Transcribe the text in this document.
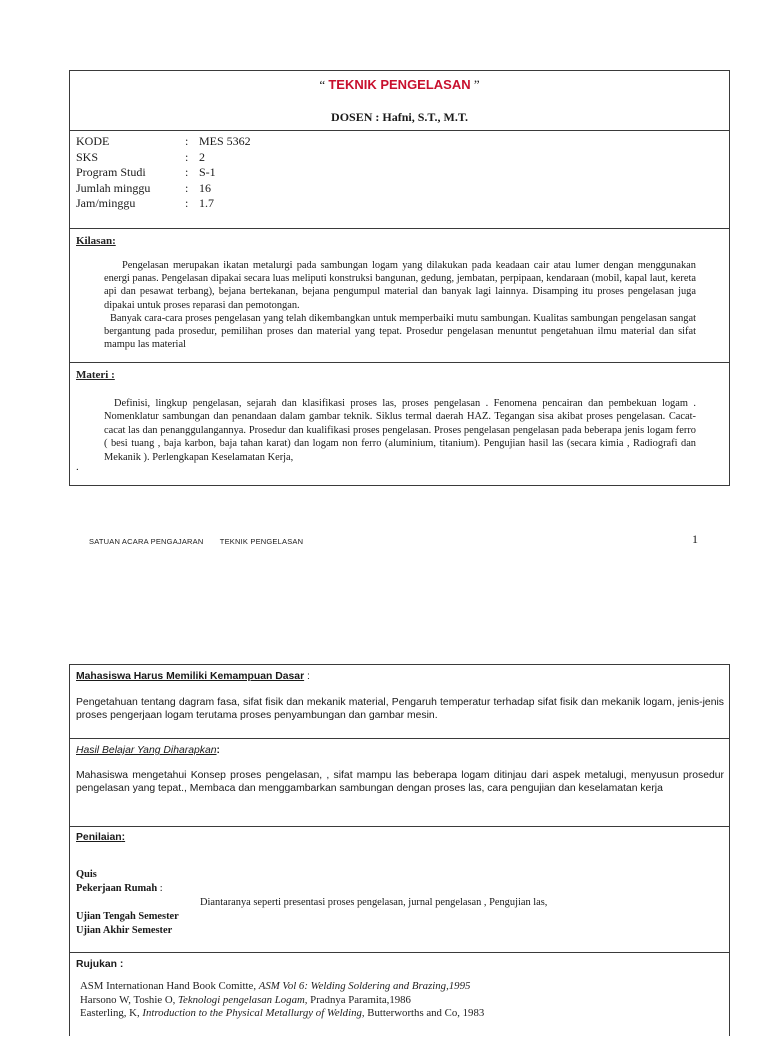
“ TEKNIK PENGELASAN ”
DOSEN : Hafni, S.T., M.T.
KODE	: MES 5362
SKS	: 2
Program Studi	: S-1
Jumlah minggu	: 16
Jam/minggu	: 1.7
Kilasan:
Pengelasan merupakan ikatan metalurgi pada sambungan logam yang dilakukan pada keadaan cair atau lumer dengan menggunakan energi panas. Pengelasan dipakai secara luas meliputi konstruksi bangunan, gedung, jembatan, perpipaan, kendaraan (mobil, kapal laut, kereta api dan pesawat terbang), bejana bertekanan, bejana pengumpul material dan banyak lagi lainnya. Disamping itu proses pengelasan juga dipakai untuk proses reparasi dan pemotongan.
Banyak cara-cara proses pengelasan yang telah dikembangkan untuk memperbaiki mutu sambungan. Kualitas sambungan pengelasan sangat bergantung pada prosedur, pemilihan proses dan material yang tepat. Prosedur pengelasan menuntut pengetahuan ilmu material dan sifat mampu las material
Materi :
Definisi, lingkup pengelasan, sejarah dan klasifikasi proses las, proses pengelasan . Fenomena pencairan dan pembekuan logam . Nomenklatur sambungan dan penandaan dalam gambar teknik. Siklus termal daerah HAZ. Tegangan sisa akibat proses pengelasan. Cacat-cacat las dan penanggulangannya. Prosedur dan kualifikasi proses pengelasan. Proses pengelasan pengelasan pada beberapa jenis logam ferro ( besi tuang , baja karbon, baja tahan karat) dan logam non ferro (aluminium, titanium). Pengujian hasil las (secara kimia , Radiografi dan Mekanik ). Perlengkapan Keselamatan Kerja,
.
SATUAN ACARA PENGAJARAN TEKNIK PENGELASAN	1
Mahasiswa Harus Memiliki Kemampuan Dasar :
Pengetahuan tentang dagram fasa, sifat fisik dan mekanik material, Pengaruh temperatur terhadap sifat fisik dan mekanik logam, jenis-jenis proses pengerjaan logam terutama proses penyambungan dan gambar mesin.
Hasil Belajar Yang Diharapkan:
Mahasiswa mengetahui Konsep proses pengelasan, , sifat mampu las beberapa logam ditinjau dari aspek metalugi, menyusun prosedur pengelasan yang tepat., Membaca dan menggambarkan sambungan dengan proses las, cara pengujian dan keselamatan kerja
Penilaian:
Quis
Pekerjaan Rumah :
Diantaranya seperti presentasi proses pengelasan, jurnal pengelasan , Pengujian las,
Ujian Tengah Semester
Ujian Akhir Semester
Rujukan :
ASM Internationan Hand Book Comitte, ASM Vol 6: Welding Soldering and Brazing,1995
Harsono W, Toshie O, Teknologi pengelasan Logam, Pradnya Paramita,1986
Easterling, K, Introduction to the Physical Metallurgy of Welding, Butterworths and Co, 1983
